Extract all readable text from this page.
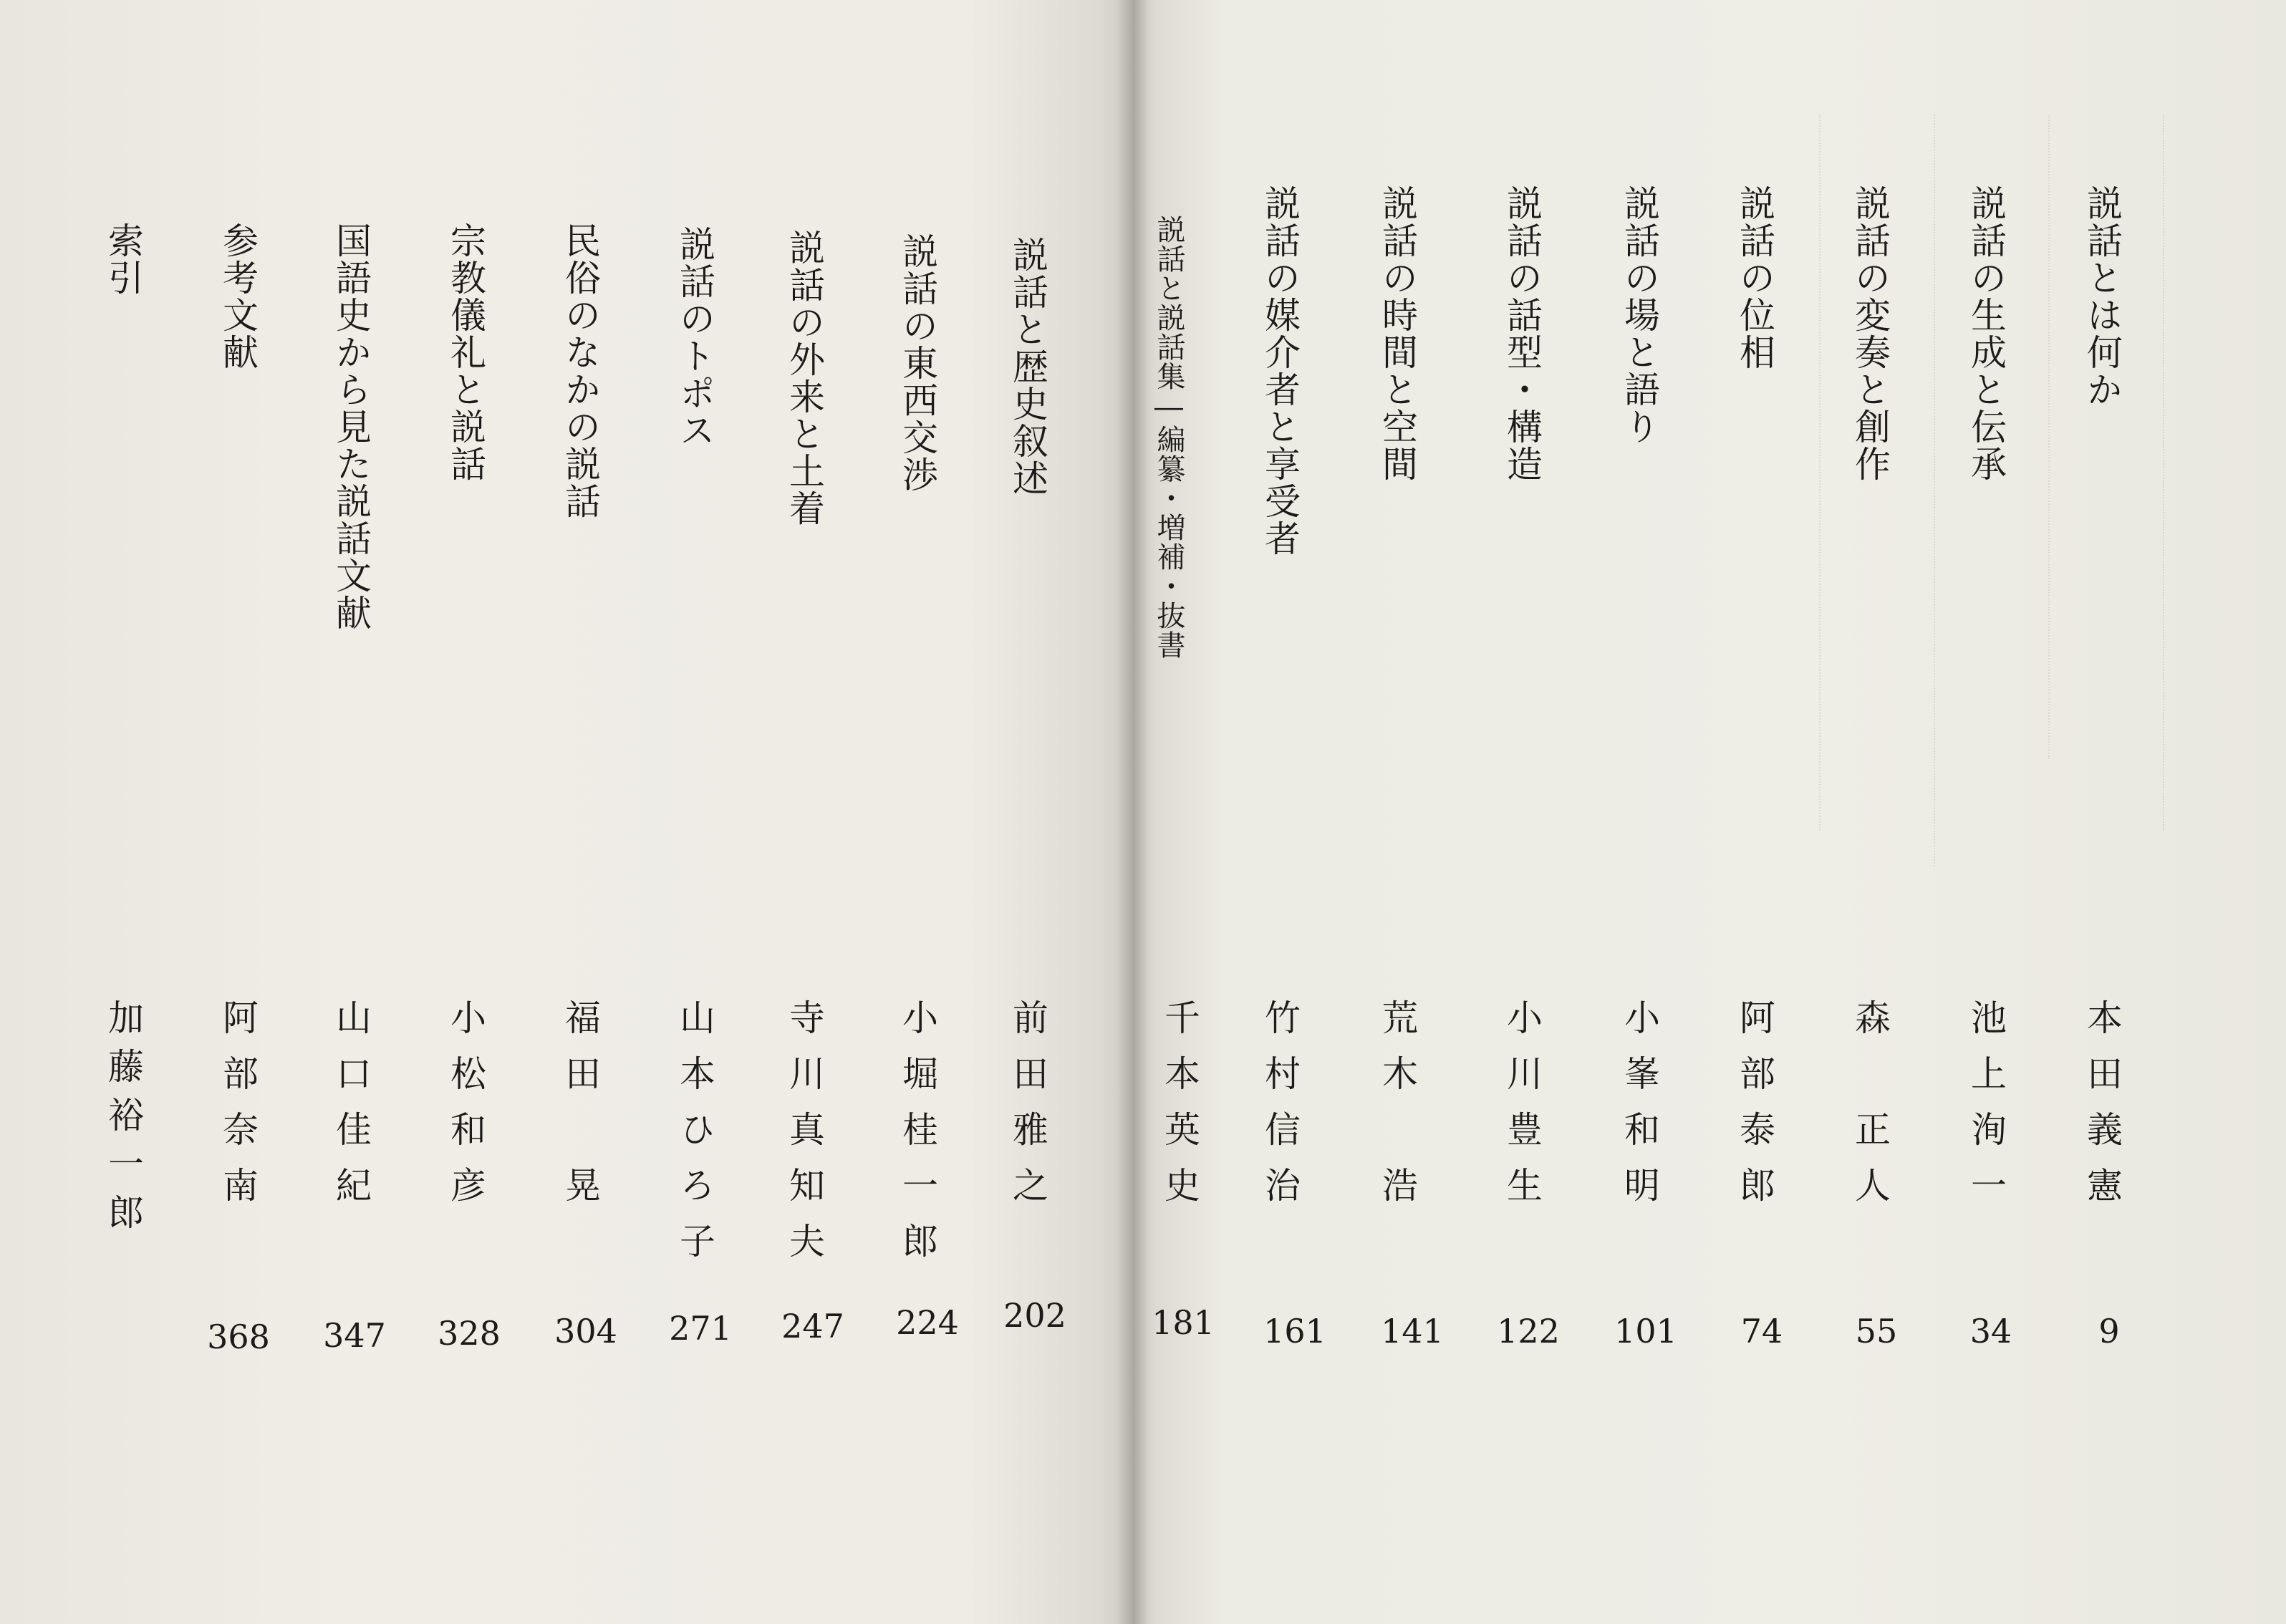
説話とは何か
本田義憲
9
説話の生成と伝承
池上洵一
34
説話の変奏と創作
森　正人
55
説話の位相
阿部泰郎
74
説話の場と語り
小峯和明
101
説話の話型・構造
小川豊生
122
説話の時間と空間
荒木　浩
141
説話の媒介者と享受者
竹村信治
161
説話と説話集―編纂・増補・抜書
千本英史
181
説話と歴史叙述
前田雅之
202
説話の東西交渉
小堀桂一郎
224
説話の外来と土着
寺川真知夫
247
説話のトポス
山本ひろ子
271
民俗のなかの説話
福田　晃
304
宗教儀礼と説話
小松和彦
328
国語史から見た説話文献
山口佳紀
347
参考文献
阿部奈南
368
索引
加藤裕一郎
